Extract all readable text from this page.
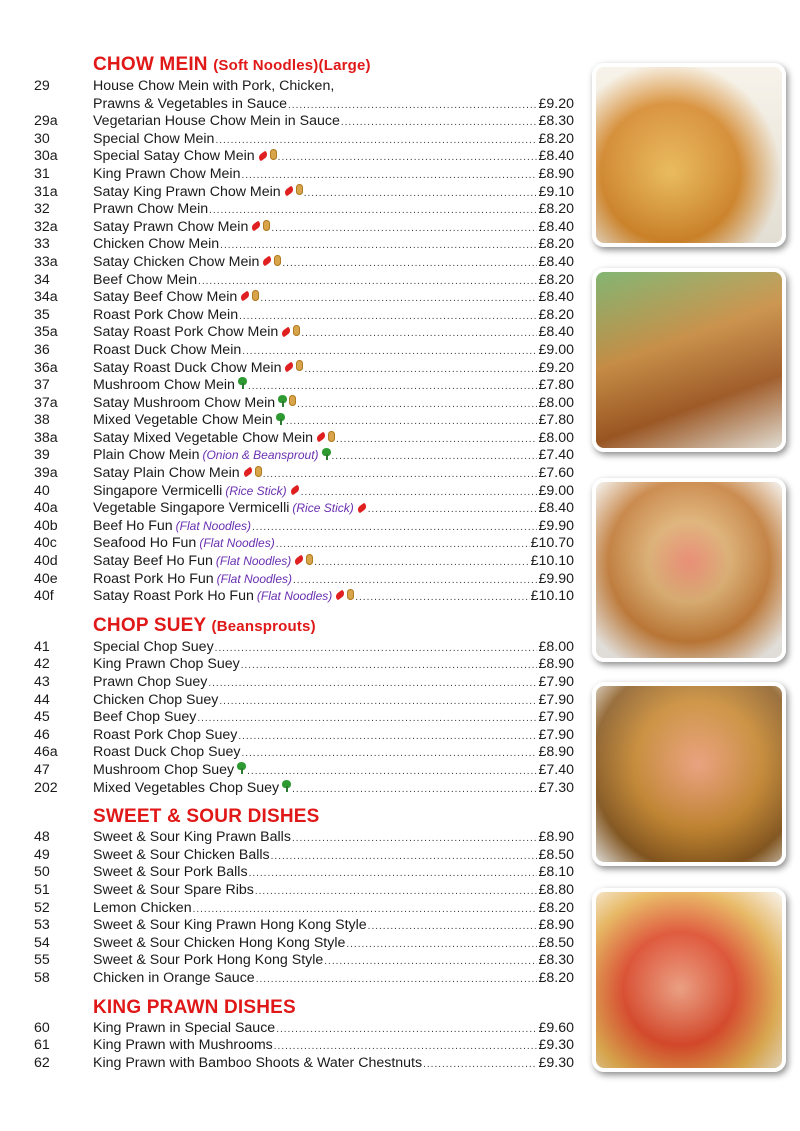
CHOW MEIN (Soft Noodles)(Large)
29	House Chow Mein with Pork, Chicken,
Prawns & Vegetables in Sauce .....	£9.20
29a	Vegetarian House Chow Mein in Sauce .....	£8.30
30	Special Chow Mein .....	£8.20
30a	Special Satay Chow Mein .....	£8.40
31	King Prawn Chow Mein .....	£8.90
31a	Satay King Prawn Chow Mein .....	£9.10
32	Prawn Chow Mein .....	£8.20
32a	Satay Prawn Chow Mein .....	£8.40
33	Chicken Chow Mein .....	£8.20
33a	Satay Chicken Chow Mein .....	£8.40
34	Beef Chow Mein .....	£8.20
34a	Satay Beef Chow Mein .....	£8.40
35	Roast Pork Chow Mein .....	£8.20
35a	Satay Roast Pork Chow Mein .....	£8.40
36	Roast Duck Chow Mein .....	£9.00
36a	Satay Roast Duck Chow Mein .....	£9.20
37	Mushroom Chow Mein .....	£7.80
37a	Satay Mushroom Chow Mein .....	£8.00
38	Mixed Vegetable Chow Mein .....	£7.80
38a	Satay Mixed Vegetable Chow Mein .....	£8.00
39	Plain Chow Mein (Onion & Beansprout) .....	£7.40
39a	Satay Plain Chow Mein .....	£7.60
40	Singapore Vermicelli (Rice Stick) .....	£9.00
40a	Vegetable Singapore Vermicelli (Rice Stick) .....	£8.40
40b	Beef Ho Fun (Flat Noodles) .....	£9.90
40c	Seafood Ho Fun (Flat Noodles) .....	£10.70
40d	Satay Beef Ho Fun (Flat Noodles) .....	£10.10
40e	Roast Pork Ho Fun (Flat Noodles) .....	£9.90
40f	Satay Roast Pork Ho Fun (Flat Noodles) .....	£10.10
CHOP SUEY (Beansprouts)
41	Special Chop Suey .....	£8.00
42	King Prawn Chop Suey .....	£8.90
43	Prawn Chop Suey .....	£7.90
44	Chicken Chop Suey .....	£7.90
45	Beef Chop Suey .....	£7.90
46	Roast Pork Chop Suey .....	£7.90
46a	Roast Duck Chop Suey .....	£8.90
47	Mushroom Chop Suey .....	£7.40
202	Mixed Vegetables Chop Suey .....	£7.30
SWEET & SOUR DISHES
48	Sweet & Sour King Prawn Balls .....	£8.90
49	Sweet & Sour Chicken Balls .....	£8.50
50	Sweet & Sour Pork Balls .....	£8.10
51	Sweet & Sour Spare Ribs .....	£8.80
52	Lemon Chicken .....	£8.20
53	Sweet & Sour King Prawn Hong Kong Style .....	£8.90
54	Sweet & Sour Chicken Hong Kong Style .....	£8.50
55	Sweet & Sour Pork Hong Kong Style .....	£8.30
58	Chicken in Orange Sauce .....	£8.20
KING PRAWN DISHES
60	King Prawn in Special Sauce .....	£9.60
61	King Prawn with Mushrooms .....	£9.30
62	King Prawn with Bamboo Shoots & Water Chestnuts .....	£9.30
